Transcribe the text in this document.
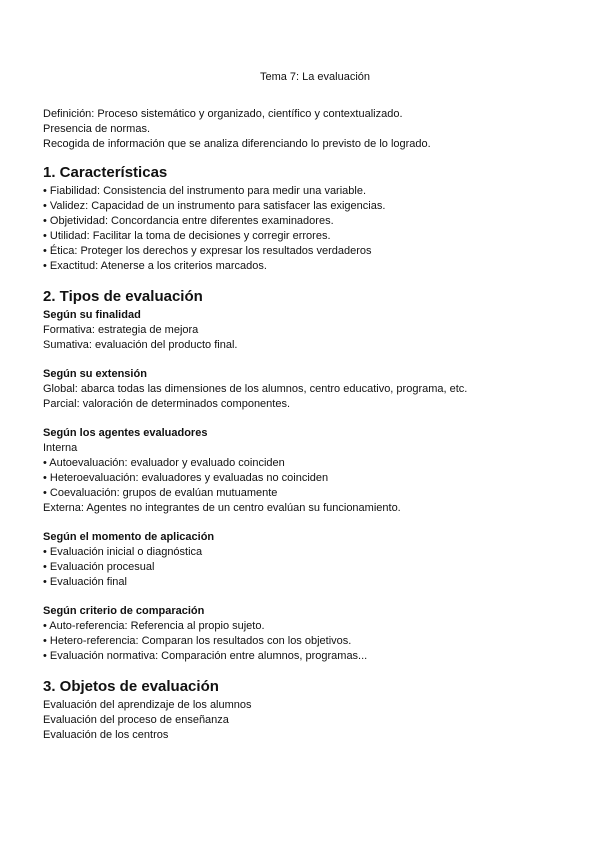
Tema 7: La evaluación
Definición: Proceso sistemático y organizado, científico y contextualizado.
Presencia de normas.
Recogida de información que se analiza diferenciando lo previsto de lo logrado.
1. Características
• Fiabilidad: Consistencia del instrumento para medir una variable.
• Validez: Capacidad de un instrumento para satisfacer las exigencias.
• Objetividad: Concordancia entre diferentes examinadores.
• Utilidad: Facilitar la toma de decisiones y corregir errores.
• Ética: Proteger los derechos y expresar los resultados verdaderos
• Exactitud: Atenerse a los criterios marcados.
2. Tipos de evaluación
Según su finalidad
Formativa: estrategia de mejora
Sumativa: evaluación del producto final.
Según su extensión
Global: abarca todas las dimensiones de los alumnos, centro educativo, programa, etc.
Parcial: valoración de determinados componentes.
Según los agentes evaluadores
Interna
• Autoevaluación: evaluador y evaluado coinciden
• Heteroevaluación: evaluadores y evaluadas no coinciden
• Coevaluación: grupos de evalúan mutuamente
Externa: Agentes no integrantes de un centro evalúan su funcionamiento.
Según el momento de aplicación
• Evaluación inicial o diagnóstica
• Evaluación procesual
• Evaluación final
Según criterio de comparación
• Auto-referencia: Referencia al propio sujeto.
• Hetero-referencia: Comparan los resultados con los objetivos.
• Evaluación normativa: Comparación entre alumnos, programas...
3. Objetos de evaluación
Evaluación del aprendizaje de los alumnos
Evaluación del proceso de enseñanza
Evaluación de los centros
